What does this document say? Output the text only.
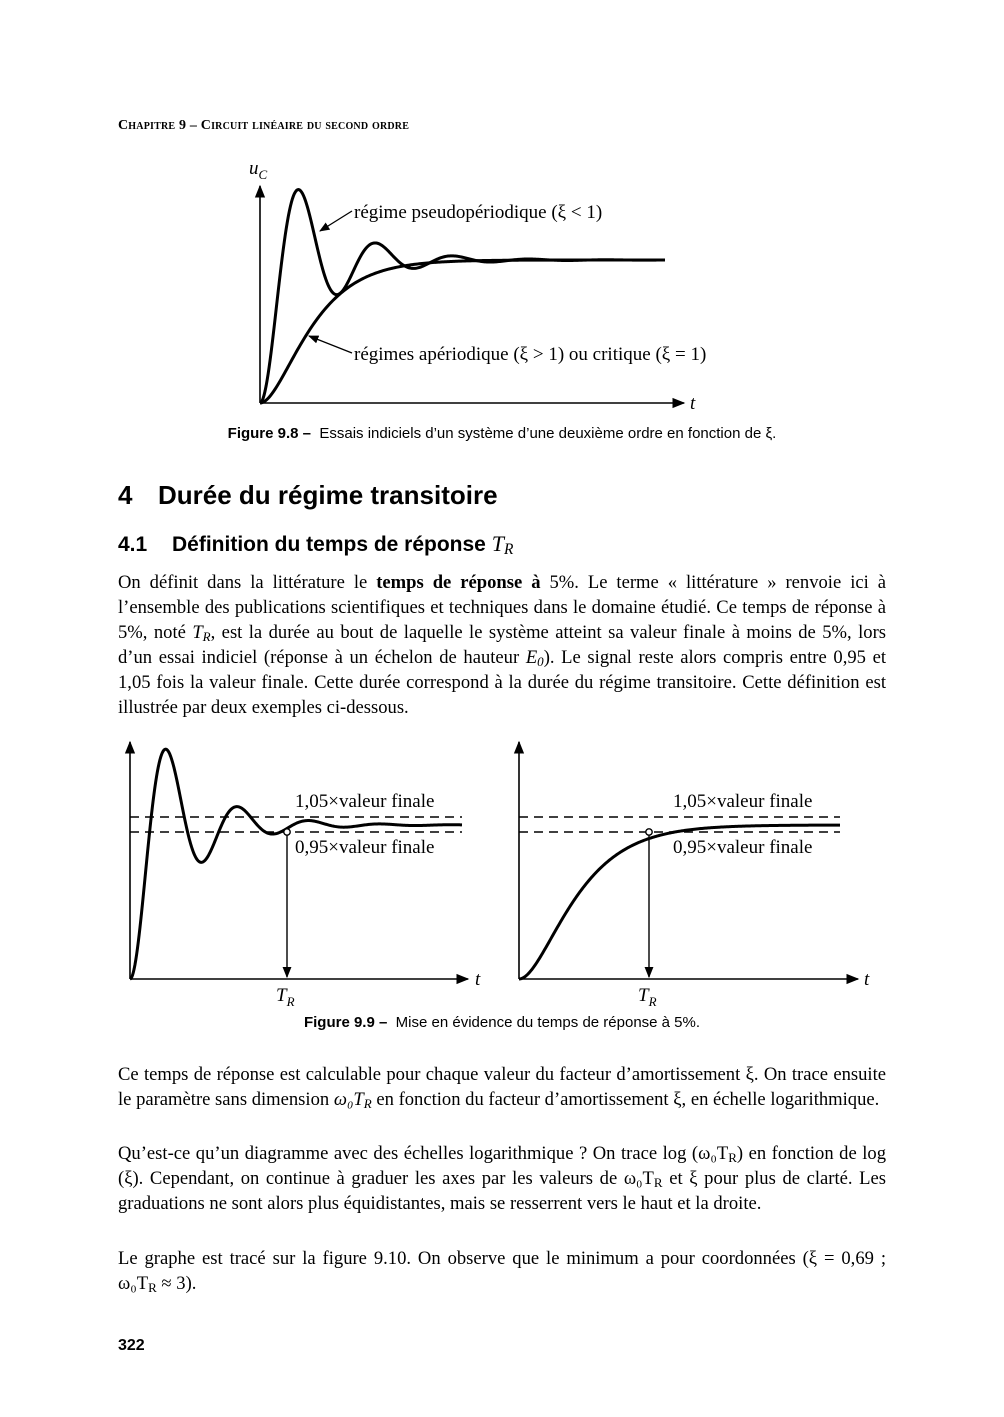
Chapitre 9 – Circuit linéaire du second ordre
$u_C$
t
régime pseudopériodique (ξ < 1)
régimes apériodique (ξ > 1) ou critique (ξ = 1)
Figure 9.8 – Essais indiciels d’un système d’une deuxième ordre en fonction de ξ.
4 Durée du régime transitoire
4.1 Définition du temps de réponse $T_R$

On définit dans la littérature le temps de réponse à 5%. Le terme « littérature » renvoie ici à l’ensemble des publications scientifiques et techniques dans le domaine étudié. Ce temps de réponse à 5%, noté $T_R$, est la durée au bout de laquelle le système atteint sa valeur finale à moins de 5%, lors d’un essai indiciel (réponse à un échelon de hauteur $E_0$). Le signal reste alors compris entre 0,95 et 1,05 fois la valeur finale. Cette durée correspond à la durée du régime transitoire. Cette définition est illustrée par deux exemples ci-dessous.

1,05×valeur finale
0,95×valeur finale
t
$T_R$
1,05×valeur finale
0,95×valeur finale
t
$T_R$
Figure 9.9 – Mise en évidence du temps de réponse à 5%.

Ce temps de réponse est calculable pour chaque valeur du facteur d’amortissement ξ. On trace ensuite le paramètre sans dimension $\omega_0T_R$ en fonction du facteur d’amortissement ξ, en échelle logarithmique.

Qu’est-ce qu’un diagramme avec des échelles logarithmique ? On trace $\log (\omega_0T_R)$ en fonction de log (ξ). Cependant, on continue à graduer les axes par les valeurs de $\omega_0T_R$ et ξ pour plus de clarté. Les graduations ne sont alors plus équidistantes, mais se resserrent vers le haut et la droite.

Le graphe est tracé sur la figure 9.10. On observe que le minimum a pour coordonnées (ξ = 0,69 ; $\omega_0T_R \approx 3$).

322
